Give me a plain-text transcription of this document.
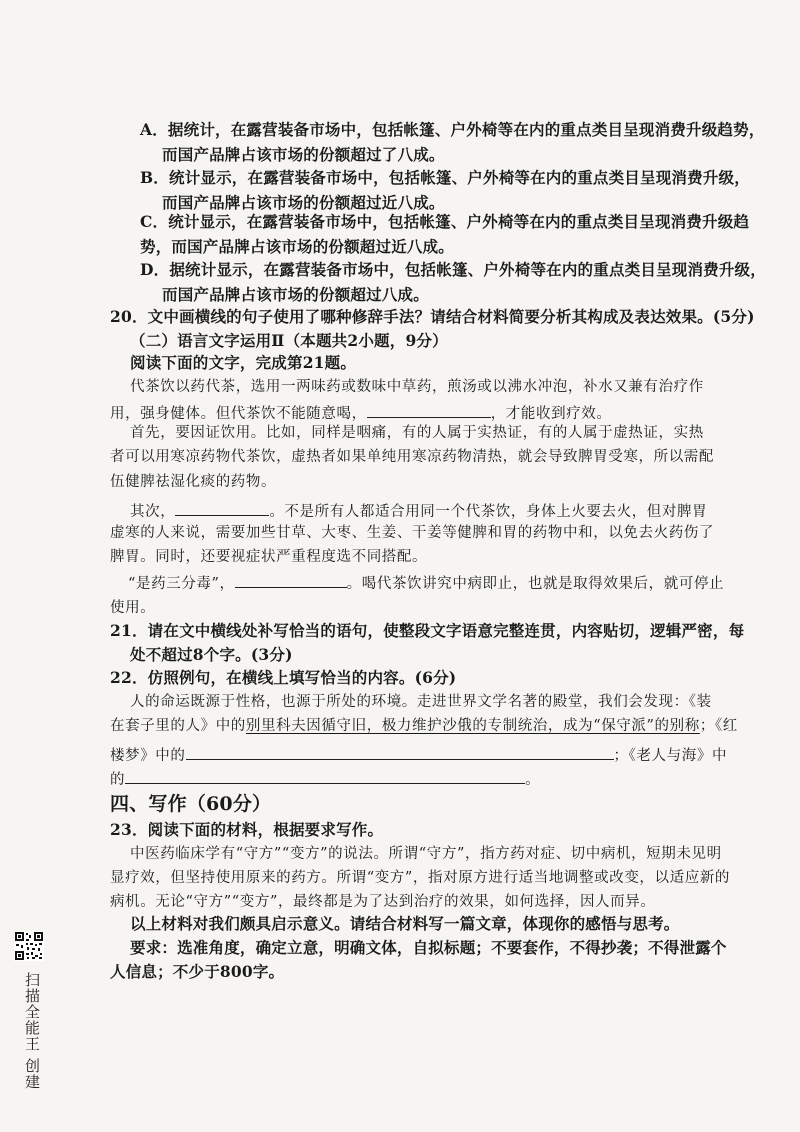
A．据统计，在露营装备市场中，包括帐篷、户外椅等在内的重点类目呈现消费升级趋势，
而国产品牌占该市场的份额超过了八成。
B．统计显示，在露营装备市场中，包括帐篷、户外椅等在内的重点类目呈现消费升级，
而国产品牌占该市场的份额超过近八成。
C．统计显示，在露营装备市场中，包括帐篷、户外椅等在内的重点类目呈现消费升级趋
势，而国产品牌占该市场的份额超过近八成。
D．据统计显示，在露营装备市场中，包括帐篷、户外椅等在内的重点类目呈现消费升级，
而国产品牌占该市场的份额超过八成。
20．文中画横线的句子使用了哪种修辞手法？请结合材料简要分析其构成及表达效果。(5分)
（二）语言文字运用Ⅱ（本题共2小题，9分）
阅读下面的文字，完成第21题。
代茶饮以药代茶，选用一两味药或数味中草药，煎汤或以沸水冲泡，补水又兼有治疗作
用，强身健体。但代茶饮不能随意喝，	，才能收到疗效。
首先，要因证饮用。比如，同样是咽痛，有的人属于实热证，有的人属于虚热证，实热
者可以用寒凉药物代茶饮，虚热者如果单纯用寒凉药物清热，就会导致脾胃受寒，所以需配
伍健脾祛湿化痰的药物。
其次，	。不是所有人都适合用同一个代茶饮，身体上火要去火，但对脾胃
虚寒的人来说，需要加些甘草、大枣、生姜、干姜等健脾和胃的药物中和，以免去火药伤了
脾胃。同时，还要视症状严重程度选不同搭配。
“是药三分毒”，	。喝代茶饮讲究中病即止，也就是取得效果后，就可停止
使用。
21．请在文中横线处补写恰当的语句，使整段文字语意完整连贯，内容贴切，逻辑严密，每
处不超过8个字。(3分)
22．仿照例句，在横线上填写恰当的内容。(6分)
人的命运既源于性格，也源于所处的环境。走进世界文学名著的殿堂，我们会发现：《装
在套子里的人》中的别里科夫因循守旧，极力维护沙俄的专制统治，成为“保守派”的别称；《红
楼梦》中的	；《老人与海》中
的	。
四、写作（60分）
23．阅读下面的材料，根据要求写作。
中医药临床学有“守方”“变方”的说法。所谓“守方”，指方药对症、切中病机，短期未见明
显疗效，但坚持使用原来的药方。所谓“变方”，指对原方进行适当地调整或改变，以适应新的
病机。无论“守方”“变方”，最终都是为了达到治疗的效果，如何选择，因人而异。
以上材料对我们颇具启示意义。请结合材料写一篇文章，体现你的感悟与思考。
要求：选准角度，确定立意，明确文体，自拟标题；不要套作，不得抄袭；不得泄露个
人信息；不少于800字。
扫描全能王 创建
